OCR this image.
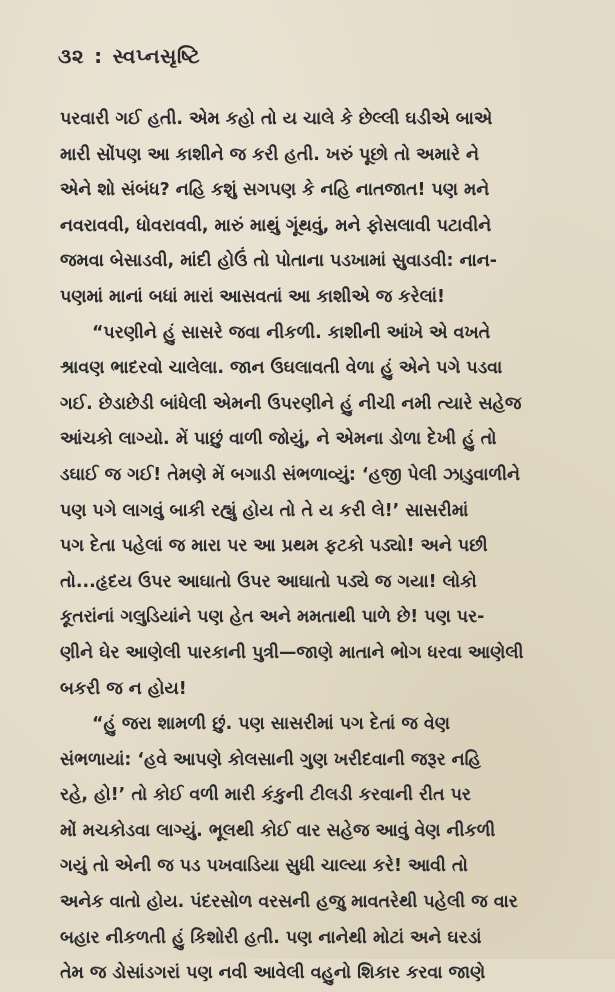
૩૨ : સ્વપ્નસૃષ્ટિ

પરવારી ગઈ હતી. એમ કહો તો ય ચાલે કે છેલ્લી ઘડીએ બાએ
મારી સોંપણ આ કાશીને જ કરી હતી. ખરું પૂછો તો અમારે ને
એને શો સંબંધ? નહિ કશું સગપણ કે નહિ નાતજાત! પણ મને
નવરાવવી, ધોવરાવવી, મારું માથું ગૂંથવું, મને ફોસલાવી પટાવીને
જમવા બેસાડવી, માંદી હોઉં તો પોતાના પડખામાં સુવાડવી: નાન-
પણમાં માનાં બધાં મારાં આસવતાં આ કાશીએ જ કરેલાં!

“પરણીને હું સાસરે જવા નીકળી. કાશીની આંખે એ વખતે
શ્રાવણ ભાદરવો ચાલેલા. જાન ઉઘલાવતી વેળા હું એને પગે પડવા
ગઈ. છેડાછેડી બાંધેલી એમની ઉપરણીને હું નીચી નમી ત્યારે સહેજ
આંચકો લાગ્યો. મેં પાછું વાળી જોયું, ને એમના ડોળા દેખી હું તો
ડઘાઈ જ ગઈ! તેમણે મેં બગાડી સંભળાવ્યું: ‘હજી પેલી ઝાડુવાળીને
પણ પગે લાગવું બાકી રહ્યું હોય તો તે ય કરી લે!’ સાસરીમાં
પગ દેતા પહેલાં જ મારા પર આ પ્રથમ ફટકો પડ્યો! અને પછી
તો...હૃદય ઉપર આઘાતો ઉપર આઘાતો પડ્યે જ ગયા! લોકો
કૂતરાંનાં ગલુડિયાંને પણ હેત અને મમતાથી પાળે છે! પણ પર-
ણીને ઘેર આણેલી પારકાની પુત્રી—જાણે માતાને ભોગ ધરવા આણેલી
બકરી જ ન હોય!

“હું જરા શામળી છું. પણ સાસરીમાં પગ દેતાં જ વેણ
સંભળાયાં: ‘હવે આપણે કોલસાની ગુણ ખરીદવાની જરૂર નહિ
રહે, હો!’ તો કોઈ વળી મારી કંકુની ટીલડી કરવાની રીત પર
મોં મચકોડવા લાગ્યું. ભૂલથી કોઈ વાર સહેજ આવું વેણ નીકળી
ગયું તો એની જ પડ પખવાડિયા સુધી ચાલ્યા કરે! આવી તો
અનેક વાતો હોય. પંદરસોળ વરસની હજુ માવતરેથી પહેલી જ વાર
બહાર નીકળતી હું કિશોરી હતી. પણ નાનેથી મોટાં અને ઘરડાં
તેમ જ ડોસાંડગરાં પણ નવી આવેલી વહુનો શિકાર કરવા જાણે
